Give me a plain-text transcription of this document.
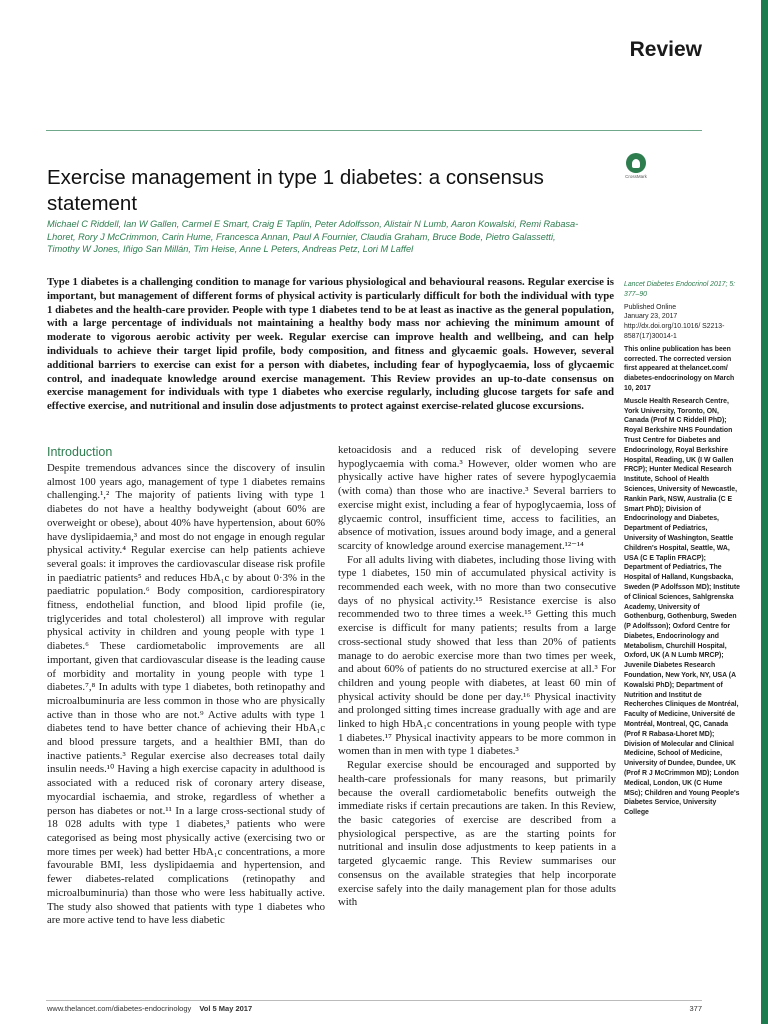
Review
Exercise management in type 1 diabetes: a consensus statement
CrossMark
Michael C Riddell, Ian W Gallen, Carmel E Smart, Craig E Taplin, Peter Adolfsson, Alistair N Lumb, Aaron Kowalski, Remi Rabasa-Lhoret, Rory J McCrimmon, Carin Hume, Francesca Annan, Paul A Fournier, Claudia Graham, Bruce Bode, Pietro Galassetti, Timothy W Jones, Iñigo San Millán, Tim Heise, Anne L Peters, Andreas Petz, Lori M Laffel
Type 1 diabetes is a challenging condition to manage for various physiological and behavioural reasons. Regular exercise is important, but management of different forms of physical activity is particularly difficult for both the individual with type 1 diabetes and the health-care provider. People with type 1 diabetes tend to be at least as inactive as the general population, with a large percentage of individuals not maintaining a healthy body mass nor achieving the minimum amount of moderate to vigorous aerobic activity per week. Regular exercise can improve health and wellbeing, and can help individuals to achieve their target lipid profile, body composition, and fitness and glycaemic goals. However, several additional barriers to exercise can exist for a person with diabetes, including fear of hypoglycaemia, loss of glycaemic control, and inadequate knowledge around exercise management. This Review provides an up-to-date consensus on exercise management for individuals with type 1 diabetes who exercise regularly, including glucose targets for safe and effective exercise, and nutritional and insulin dose adjustments to protect against exercise-related glucose excursions.
Introduction

Despite tremendous advances since the discovery of insulin almost 100 years ago, management of type 1 diabetes remains challenging.¹,² The majority of patients living with type 1 diabetes do not have a healthy bodyweight (about 60% are overweight or obese), about 40% have hypertension, about 60% have dyslipidaemia,³ and most do not engage in enough regular physical activity.⁴ Regular exercise can help patients achieve several goals: it improves the cardiovascular disease risk profile in paediatric patients⁵ and reduces HbA₁c by about 0·3% in the paediatric population.⁶ Body composition, cardiorespiratory fitness, endothelial function, and blood lipid profile (ie, triglycerides and total cholesterol) all improve with regular physical activity in children and young people with type 1 diabetes.⁶ These cardiometabolic improvements are all important, given that cardiovascular disease is the leading cause of morbidity and mortality in young people with type 1 diabetes.⁷,⁸ In adults with type 1 diabetes, both retinopathy and microalbuminuria are less common in those who are physically active than in those who are not.⁹ Active adults with type 1 diabetes tend to have better chance of achieving their HbA₁c and blood pressure targets, and a healthier BMI, than do inactive patients.³ Regular exercise also decreases total daily insulin needs.¹⁰ Having a high exercise capacity in adulthood is associated with a reduced risk of coronary artery disease, myocardial ischaemia, and stroke, regardless of whether a person has diabetes or not.¹¹ In a large cross-sectional study of 18 028 adults with type 1 diabetes,³ patients who were categorised as being most physically active (exercising two or more times per week) had better HbA₁c concentrations, a more favourable BMI, less dyslipidaemia and hypertension, and fewer diabetes-related complications (retinopathy and microalbuminuria) than those who were less habitually active. The study also showed that patients with type 1 diabetes who are more active tend to have less diabetic

ketoacidosis and a reduced risk of developing severe hypoglycaemia with coma.³ However, older women who are physically active have higher rates of severe hypoglycaemia (with coma) than those who are inactive.³ Several barriers to exercise might exist, including a fear of hypoglycaemia, loss of glycaemic control, insufficient time, access to facilities, an absence of motivation, issues around body image, and a general scarcity of knowledge around exercise management.¹²⁻¹⁴

For all adults living with diabetes, including those living with type 1 diabetes, 150 min of accumulated physical activity is recommended each week, with no more than two consecutive days of no physical activity.¹⁵ Resistance exercise is also recommended two to three times a week.¹⁵ Getting this much exercise is difficult for many patients; results from a large cross-sectional study showed that less than 20% of patients manage to do aerobic exercise more than two times per week, and about 60% of patients do no structured exercise at all.³ For children and young people with diabetes, at least 60 min of physical activity should be done per day.¹⁶ Physical inactivity and prolonged sitting times increase gradually with age and are linked to high HbA₁c concentrations in young people with type 1 diabetes.¹⁷ Physical inactivity appears to be more common in women than in men with type 1 diabetes.³

Regular exercise should be encouraged and supported by health-care professionals for many reasons, but primarily because the overall cardiometabolic benefits outweigh the immediate risks if certain precautions are taken. In this Review, the basic categories of exercise are described from a physiological perspective, as are the starting points for nutritional and insulin dose adjustments to keep patients in a targeted glycaemic range. This Review summarises our consensus on the available strategies that help incorporate exercise safely into the daily management plan for those adults with

Lancet Diabetes Endocrinol 2017; 5: 377–90
Published Online
January 23, 2017
http://dx.doi.org/10.1016/ S2213-8587(17)30014-1
This online publication has been corrected. The corrected version first appeared at thelancet.com/ diabetes-endocrinology on March 10, 2017
Muscle Health Research Centre, York University, Toronto, ON, Canada (Prof M C Riddell PhD); Royal Berkshire NHS Foundation Trust Centre for Diabetes and Endocrinology, Royal Berkshire Hospital, Reading, UK (I W Gallen FRCP); Hunter Medical Research Institute, School of Health Sciences, University of Newcastle, Rankin Park, NSW, Australia (C E Smart PhD); Division of Endocrinology and Diabetes, Department of Pediatrics, University of Washington, Seattle Children's Hospital, Seattle, WA, USA (C E Taplin FRACP); Department of Pediatrics, The Hospital of Halland, Kungsbacka, Sweden (P Adolfsson MD); Institute of Clinical Sciences, Sahlgrenska Academy, University of Gothenburg, Gothenburg, Sweden (P Adolfsson); Oxford Centre for Diabetes, Endocrinology and Metabolism, Churchill Hospital, Oxford, UK (A N Lumb MRCP); Juvenile Diabetes Research Foundation, New York, NY, USA (A Kowalski PhD); Department of Nutrition and Institut de Recherches Cliniques de Montréal, Faculty of Medicine, Université de Montréal, Montreal, QC, Canada (Prof R Rabasa-Lhoret MD); Division of Molecular and Clinical Medicine, School of Medicine, University of Dundee, Dundee, UK (Prof R J McCrimmon MD); London Medical, London, UK (C Hume MSc); Children and Young People's Diabetes Service, University College
www.thelancet.com/diabetes-endocrinology Vol 5 May 2017	377
